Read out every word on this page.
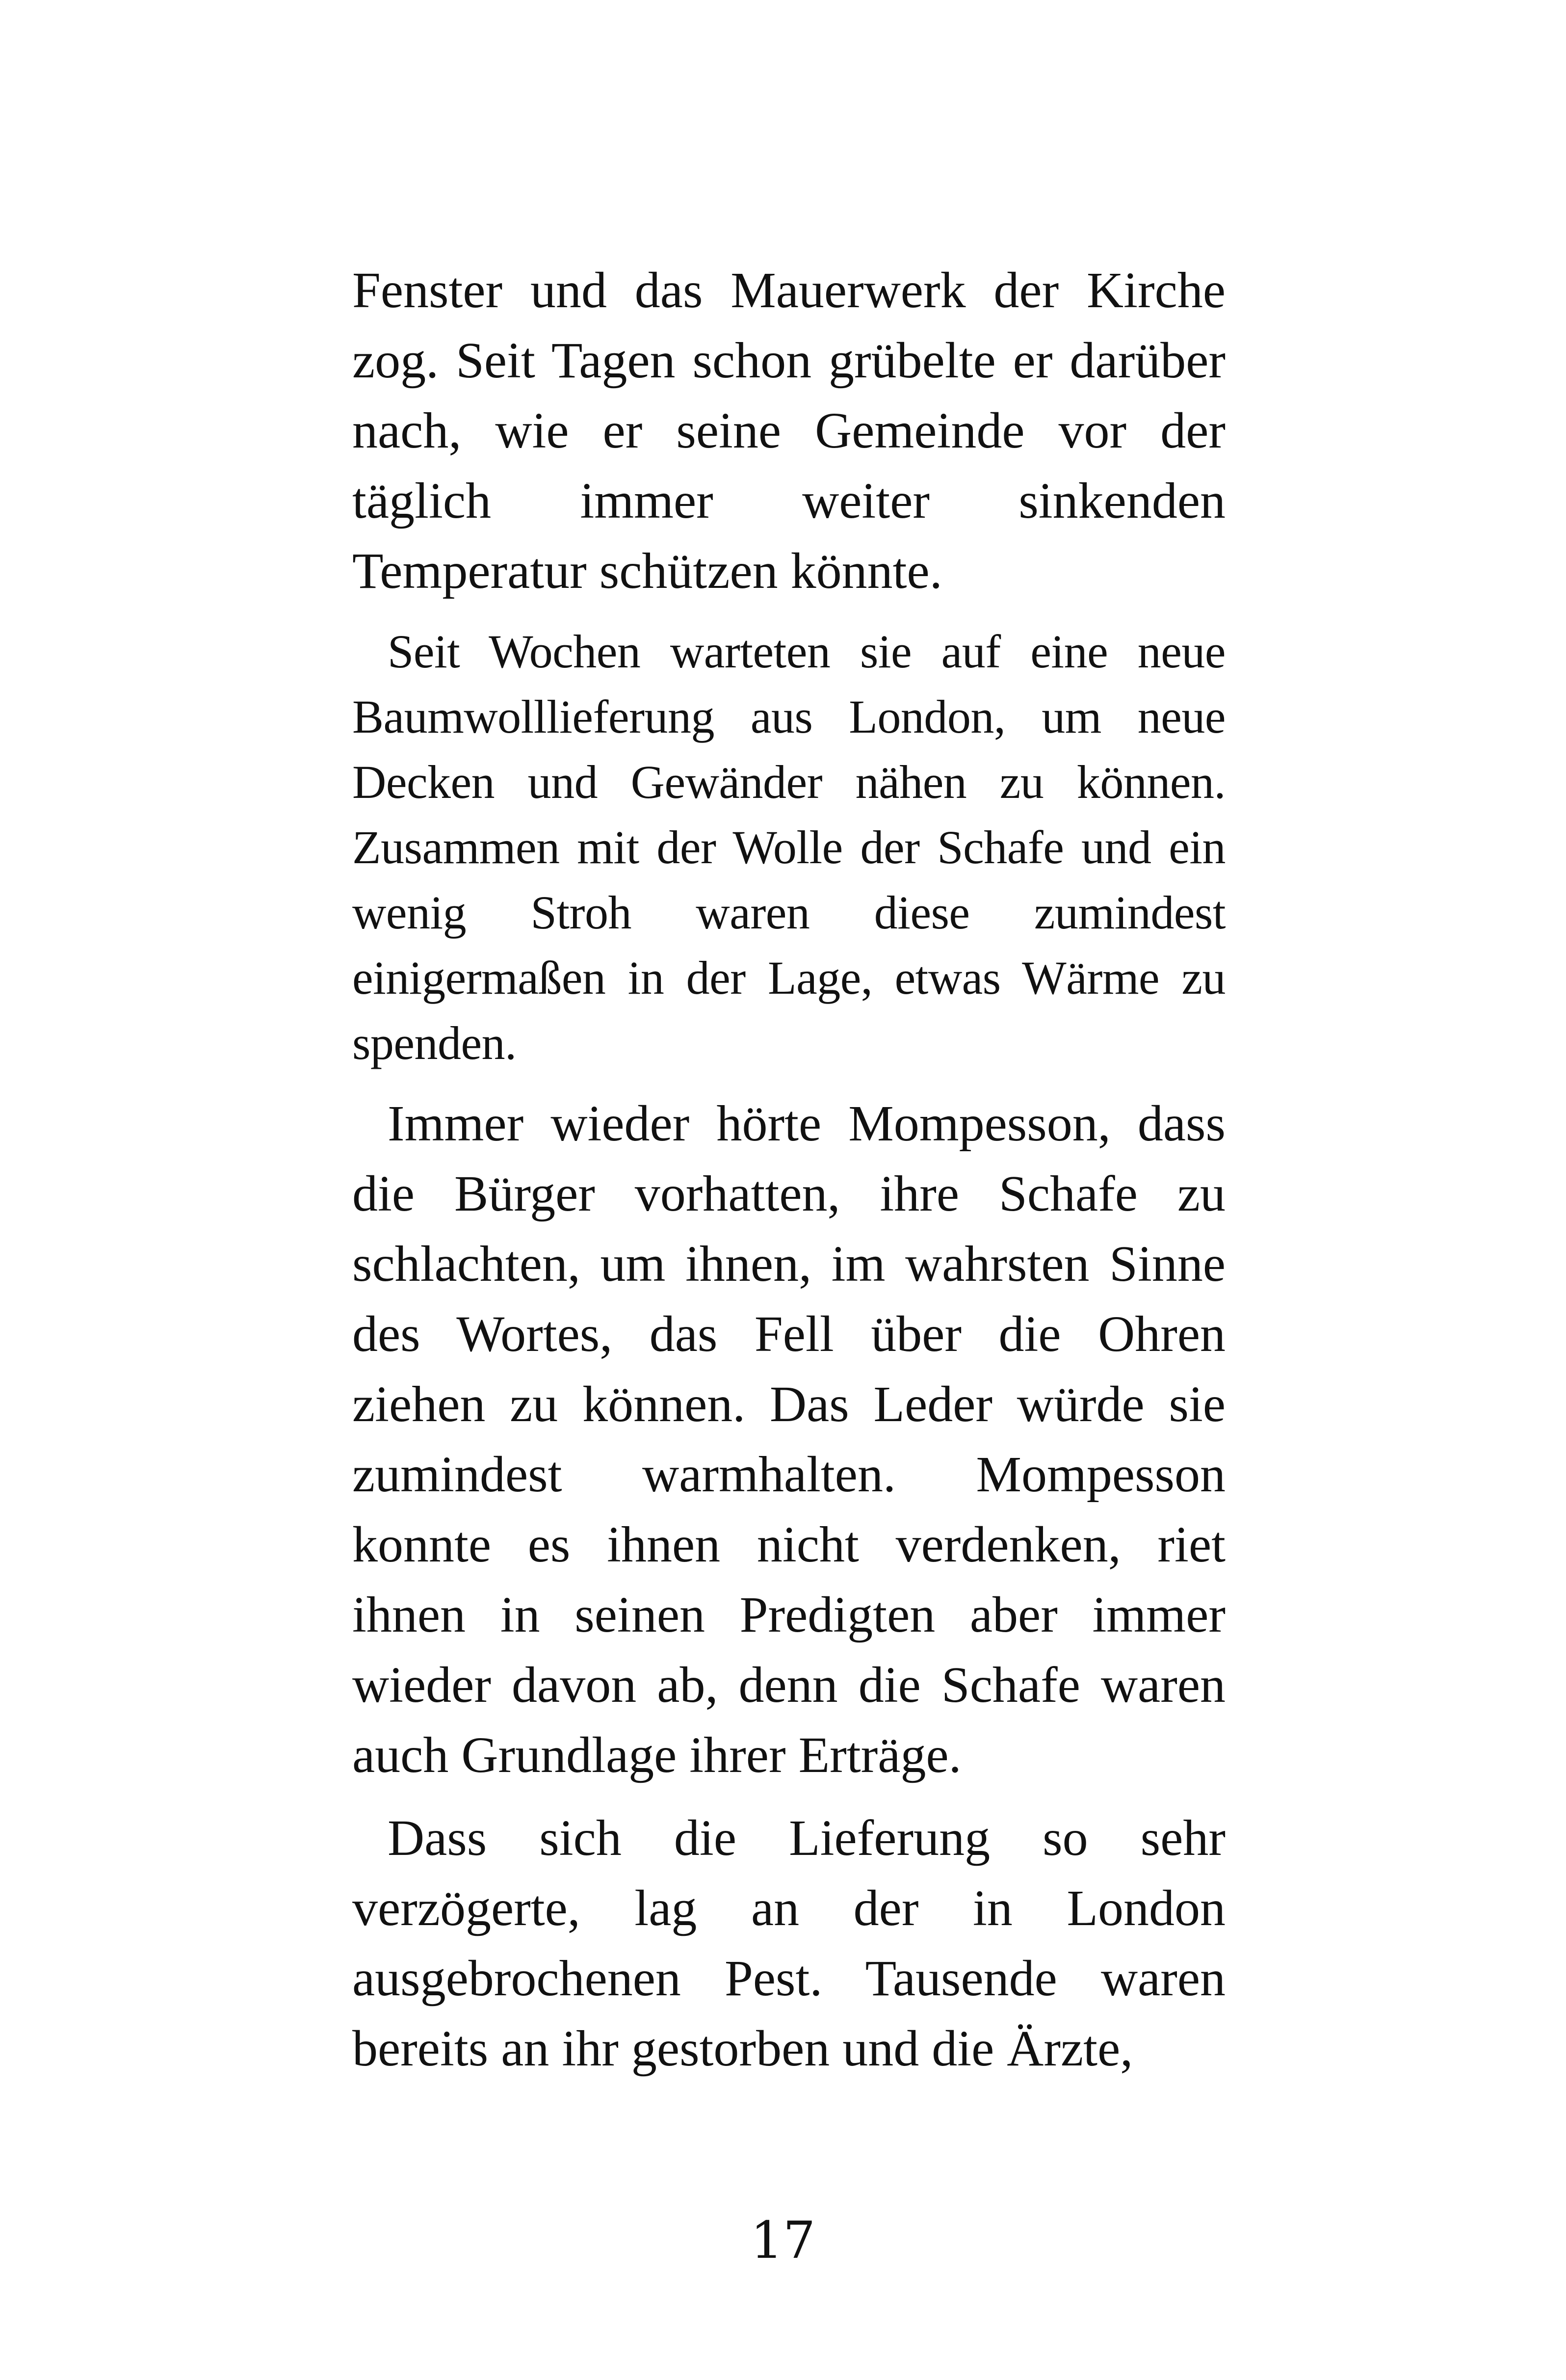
Fenster und das Mauerwerk der Kirche zog. Seit Tagen schon grübelte er darüber nach, wie er seine Gemeinde vor der täglich immer weiter sinkenden Temperatur schützen könnte.

Seit Wochen warteten sie auf eine neue Baumwolllieferung aus London, um neue Decken und Gewänder nähen zu können. Zusammen mit der Wolle der Schafe und ein wenig Stroh waren diese zumindest einigermaßen in der Lage, etwas Wärme zu spenden.

Immer wieder hörte Mompesson, dass die Bürger vorhatten, ihre Schafe zu schlachten, um ihnen, im wahrsten Sinne des Wortes, das Fell über die Ohren ziehen zu können. Das Leder würde sie zumindest warmhalten. Mompesson konnte es ihnen nicht verdenken, riet ihnen in seinen Predigten aber immer wieder davon ab, denn die Schafe waren auch Grundlage ihrer Erträge.

Dass sich die Lieferung so sehr verzögerte, lag an der in London ausgebrochenen Pest. Tausende waren bereits an ihr gestorben und die Ärzte,

17
